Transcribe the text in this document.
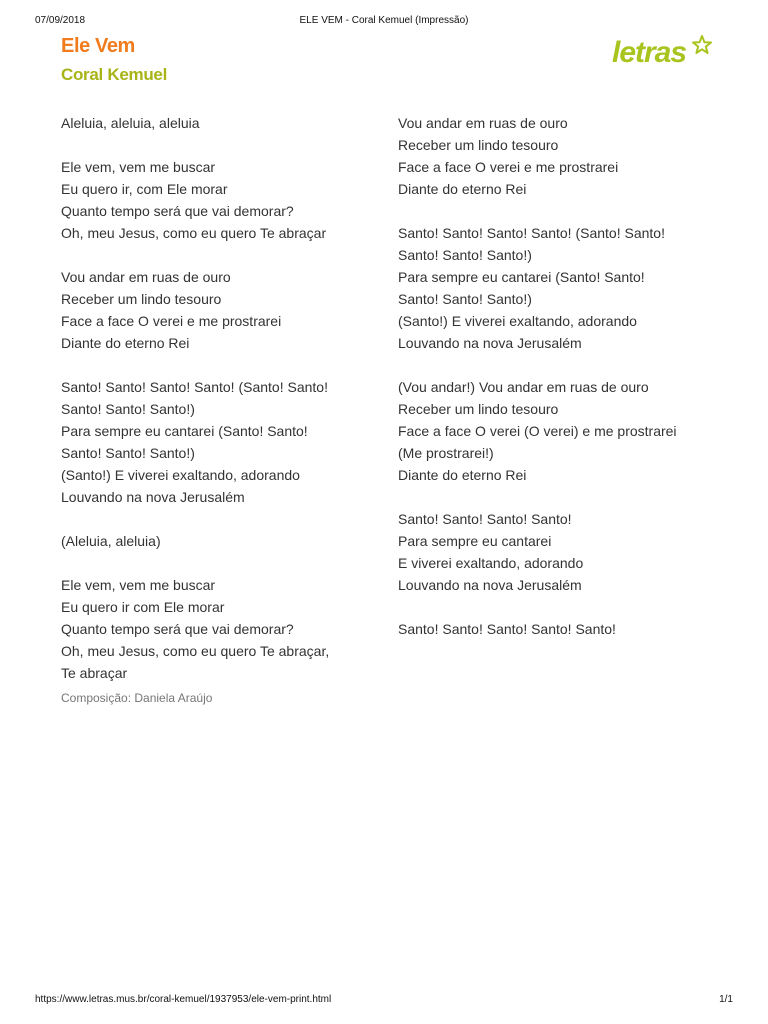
07/09/2018	ELE VEM - Coral Kemuel (Impressão)
Ele Vem
Coral Kemuel
letras
Aleluia, aleluia, aleluia
Ele vem, vem me buscar
Eu quero ir, com Ele morar
Quanto tempo será que vai demorar?
Oh, meu Jesus, como eu quero Te abraçar
Vou andar em ruas de ouro
Receber um lindo tesouro
Face a face O verei e me prostrarei
Diante do eterno Rei
Santo! Santo! Santo! Santo! (Santo! Santo!
Santo! Santo! Santo!)
Para sempre eu cantarei (Santo! Santo!
Santo! Santo! Santo!)
(Santo!) E viverei exaltando, adorando
Louvando na nova Jerusalém
(Aleluia, aleluia)
Ele vem, vem me buscar
Eu quero ir com Ele morar
Quanto tempo será que vai demorar?
Oh, meu Jesus, como eu quero Te abraçar,
Te abraçar
Vou andar em ruas de ouro
Receber um lindo tesouro
Face a face O verei e me prostrarei
Diante do eterno Rei
Santo! Santo! Santo! Santo! (Santo! Santo!
Santo! Santo! Santo!)
Para sempre eu cantarei (Santo! Santo!
Santo! Santo! Santo!)
(Santo!) E viverei exaltando, adorando
Louvando na nova Jerusalém
(Vou andar!) Vou andar em ruas de ouro
Receber um lindo tesouro
Face a face O verei (O verei) e me prostrarei
(Me prostrarei!)
Diante do eterno Rei
Santo! Santo! Santo! Santo!
Para sempre eu cantarei
E viverei exaltando, adorando
Louvando na nova Jerusalém
Santo! Santo! Santo! Santo! Santo!
Composição: Daniela Araújo
https://www.letras.mus.br/coral-kemuel/1937953/ele-vem-print.html	1/1
